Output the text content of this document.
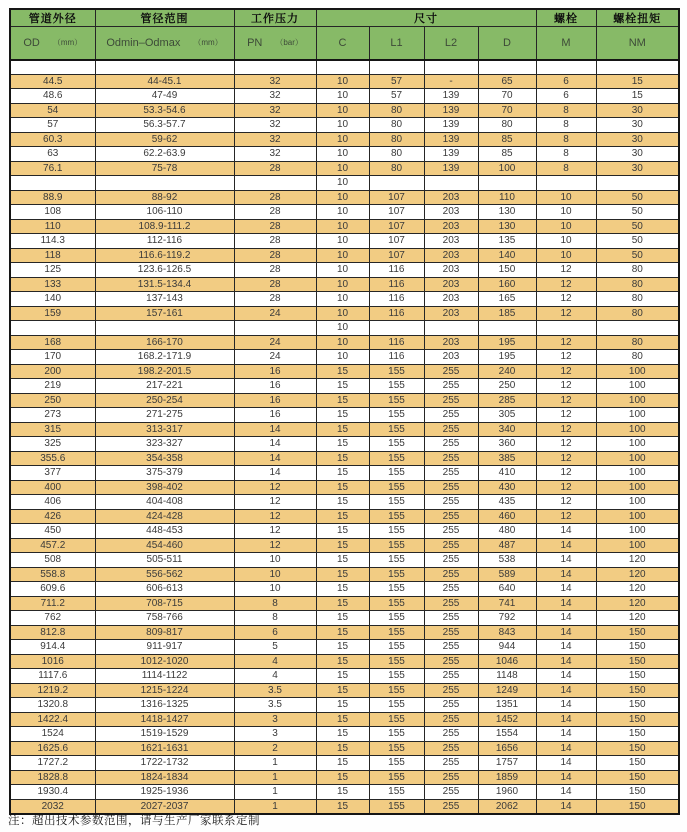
管道外径	管径范围	工作压力	尺寸				螺栓	螺栓扭矩

OD （mm）	Odmin–Odmax （mm）	PN （bar）	C	L1	L2	D	M	NM

44.5	44-45.1	32	10	57	-	65	6	15
48.6	47-49	32	10	57	139	70	6	15
54	53.3-54.6	32	10	80	139	70	8	30
57	56.3-57.7	32	10	80	139	80	8	30
60.3	59-62	32	10	80	139	85	8	30
63	62.2-63.9	32	10	80	139	85	8	30
76.1	75-78	28	10	80	139	100	8	30
			10					
88.9	88-92	28	10	107	203	110	10	50
108	106-110	28	10	107	203	130	10	50
110	108.9-111.2	28	10	107	203	130	10	50
114.3	112-116	28	10	107	203	135	10	50
118	116.6-119.2	28	10	107	203	140	10	50
125	123.6-126.5	28	10	116	203	150	12	80
133	131.5-134.4	28	10	116	203	160	12	80
140	137-143	28	10	116	203	165	12	80
159	157-161	24	10	116	203	185	12	80
			10					
168	166-170	24	10	116	203	195	12	80
170	168.2-171.9	24	10	116	203	195	12	80
200	198.2-201.5	16	15	155	255	240	12	100
219	217-221	16	15	155	255	250	12	100
250	250-254	16	15	155	255	285	12	100
273	271-275	16	15	155	255	305	12	100
315	313-317	14	15	155	255	340	12	100
325	323-327	14	15	155	255	360	12	100
355.6	354-358	14	15	155	255	385	12	100
377	375-379	14	15	155	255	410	12	100
400	398-402	12	15	155	255	430	12	100
406	404-408	12	15	155	255	435	12	100
426	424-428	12	15	155	255	460	12	100
450	448-453	12	15	155	255	480	14	100
457.2	454-460	12	15	155	255	487	14	100
508	505-511	10	15	155	255	538	14	120
558.8	556-562	10	15	155	255	589	14	120
609.6	606-613	10	15	155	255	640	14	120
711.2	708-715	8	15	155	255	741	14	120
762	758-766	8	15	155	255	792	14	120
812.8	809-817	6	15	155	255	843	14	150
914.4	911-917	5	15	155	255	944	14	150
1016	1012-1020	4	15	155	255	1046	14	150
1117.6	1114-1122	4	15	155	255	1148	14	150
1219.2	1215-1224	3.5	15	155	255	1249	14	150
1320.8	1316-1325	3.5	15	155	255	1351	14	150
1422.4	1418-1427	3	15	155	255	1452	14	150
1524	1519-1529	3	15	155	255	1554	14	150
1625.6	1621-1631	2	15	155	255	1656	14	150
1727.2	1722-1732	1	15	155	255	1757	14	150
1828.8	1824-1834	1	15	155	255	1859	14	150
1930.4	1925-1936	1	15	155	255	1960	14	150
2032	2027-2037	1	15	155	255	2062	14	150
注：超出技术参数范围，请与生产厂家联系定制
